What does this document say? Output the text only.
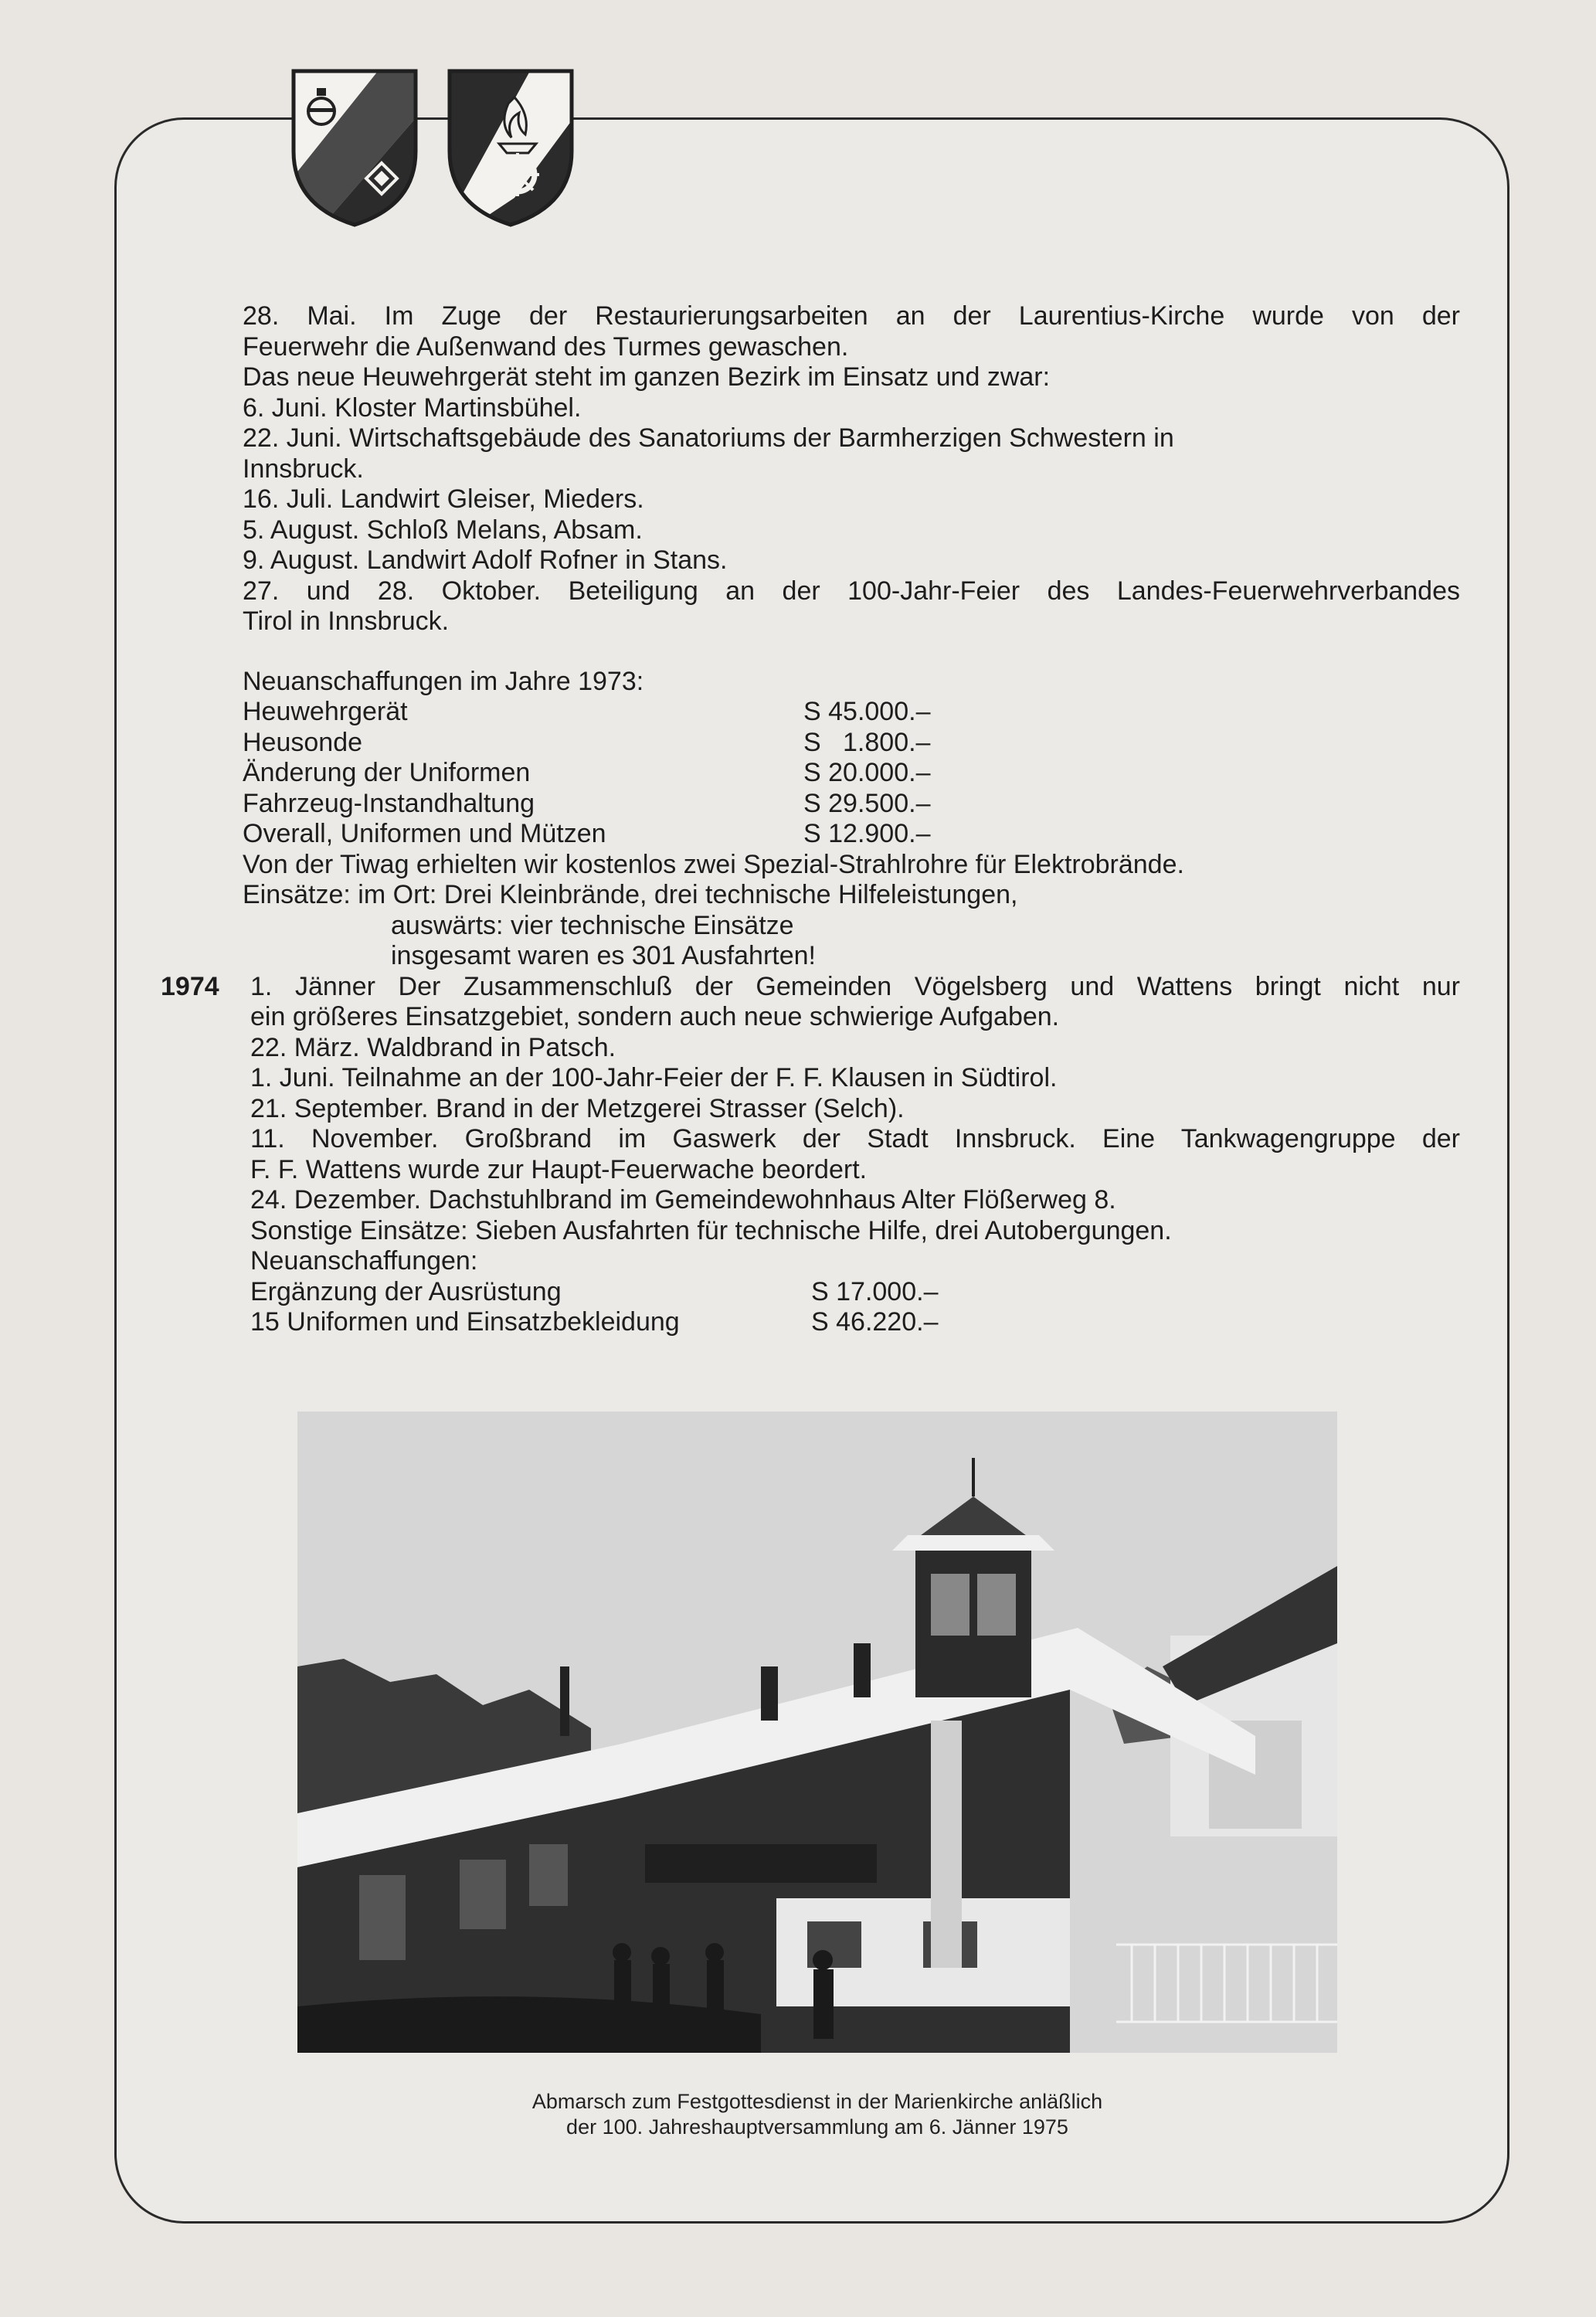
28. Mai. Im Zuge der Restaurierungsarbeiten an der Laurentius-Kirche wurde von der
Feuerwehr die Außenwand des Turmes gewaschen.
Das neue Heuwehrgerät steht im ganzen Bezirk im Einsatz und zwar:
6. Juni. Kloster Martinsbühel.
22. Juni. Wirtschaftsgebäude des Sanatoriums der Barmherzigen Schwestern in
Innsbruck.
16. Juli. Landwirt Gleiser, Mieders.
5. August. Schloß Melans, Absam.
9. August. Landwirt Adolf Rofner in Stans.
27. und 28. Oktober. Beteiligung an der 100-Jahr-Feier des Landes-Feuerwehrverbandes
Tirol in Innsbruck.
Neuanschaffungen im Jahre 1973:
Heuwehrgerät	S 45.000.–
Heusonde	S   1.800.–
Änderung der Uniformen	S 20.000.–
Fahrzeug-Instandhaltung	S 29.500.–
Overall, Uniformen und Mützen	S 12.900.–
Von der Tiwag erhielten wir kostenlos zwei Spezial-Strahlrohre für Elektrobrände.
Einsätze: im Ort: Drei Kleinbrände, drei technische Hilfeleistungen,
auswärts: vier technische Einsätze
insgesamt waren es 301 Ausfahrten!
1974 1. Jänner Der Zusammenschluß der Gemeinden Vögelsberg und Wattens bringt nicht nur
ein größeres Einsatzgebiet, sondern auch neue schwierige Aufgaben.
22. März. Waldbrand in Patsch.
1. Juni. Teilnahme an der 100-Jahr-Feier der F. F. Klausen in Südtirol.
21. September. Brand in der Metzgerei Strasser (Selch).
11. November. Großbrand im Gaswerk der Stadt Innsbruck. Eine Tankwagengruppe der
F. F. Wattens wurde zur Haupt-Feuerwache beordert.
24. Dezember. Dachstuhlbrand im Gemeindewohnhaus Alter Flößerweg 8.
Sonstige Einsätze: Sieben Ausfahrten für technische Hilfe, drei Autobergungen.
Neuanschaffungen:
Ergänzung der Ausrüstung	S 17.000.–
15 Uniformen und Einsatzbekleidung	S 46.220.–
Abmarsch zum Festgottesdienst in der Marienkirche anläßlich
der 100. Jahreshauptversammlung am 6. Jänner 1975
